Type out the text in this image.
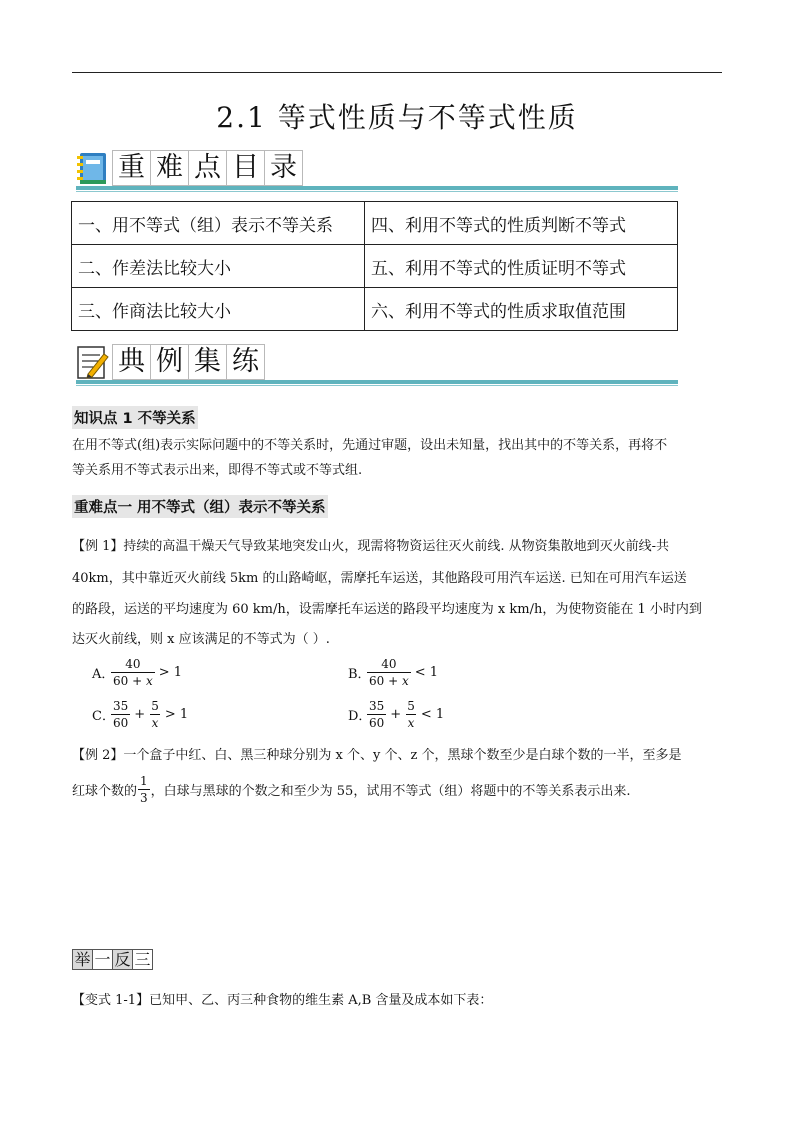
2.1 等式性质与不等式性质
重 难 点 目 录
一、用不等式（组）表示不等关系	四、利用不等式的性质判断不等式
二、作差法比较大小	五、利用不等式的性质证明不等式
三、作商法比较大小	六、利用不等式的性质求取值范围
典 例 集 练
知识点 1 不等关系
在用不等式(组)表示实际问题中的不等关系时，先通过审题，设出未知量，找出其中的不等关系，再将不
等关系用不等式表示出来，即得不等式或不等式组.
重难点一 用不等式（组）表示不等关系
【例 1】持续的高温干燥天气导致某地突发山火，现需将物资运往灭火前线. 从物资集散地到灭火前线-共
40km，其中靠近灭火前线 5km 的山路崎岖，需摩托车运送，其他路段可用汽车运送. 已知在可用汽车运送
的路段，运送的平均速度为 60 km/h，设需摩托车运送的路段平均速度为 x km/h，为使物资能在 1 小时内到
达灭火前线，则 x 应该满足的不等式为（ ）.
A．
$\frac{40}{60 + x} > 1$	B．
$\frac{40}{60 + x} < 1$
C．
$\frac{35}{60} + \frac{5}{x} > 1$	D．
$\frac{35}{60} + \frac{5}{x} < 1$
【例 2】一个盒子中红、白、黑三种球分别为 x 个、y 个、z 个，黑球个数至少是白球个数的一半，至多是
红球个数的 $\frac{1}{3}$ ，白球与黑球的个数之和至少为 55，试用不等式（组）将题中的不等关系表示出来.
举 一 反 三
【变式 1-1】已知甲、乙、丙三种食物的维生素 A,B 含量及成本如下表：
